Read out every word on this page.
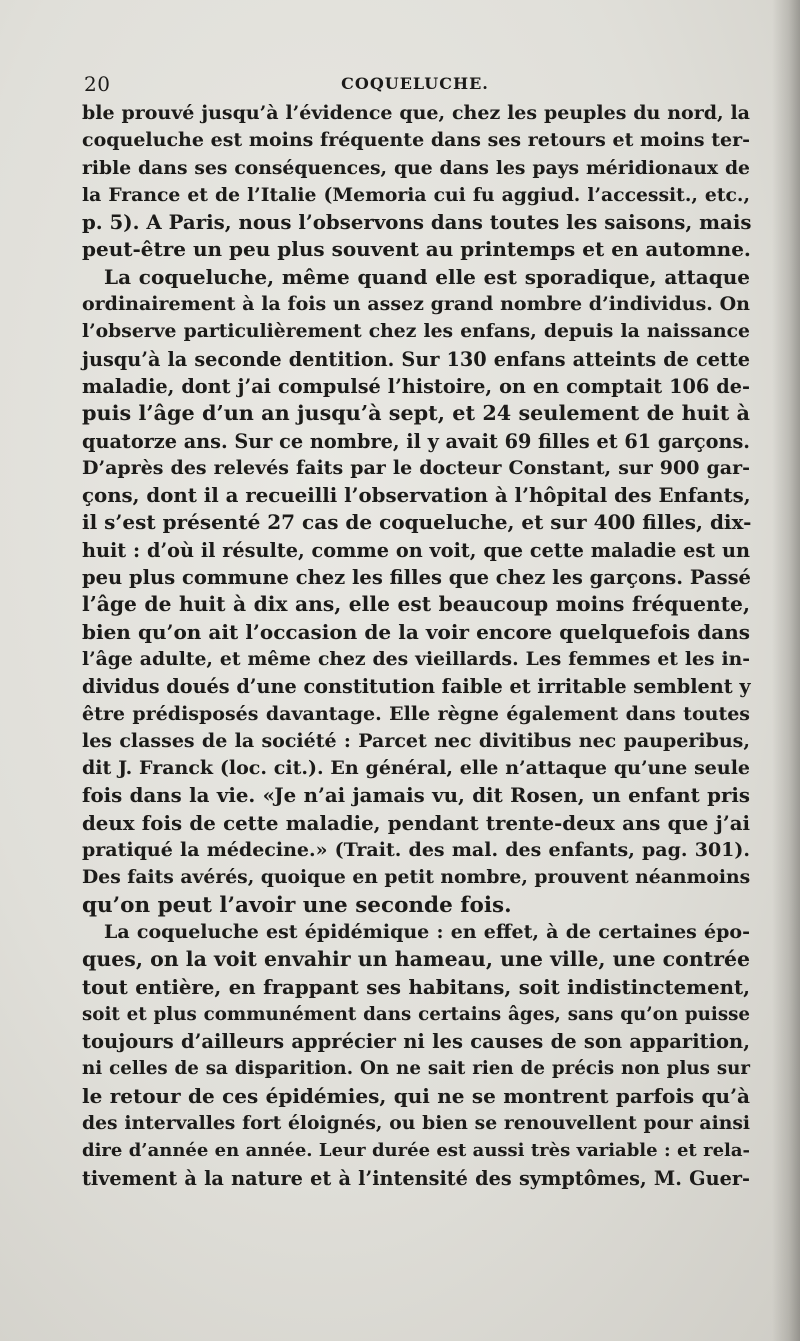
20	COQUELUCHE.
ble prouvé jusqu’à l’évidence que, chez les peuples du nord, la
coqueluche est moins fréquente dans ses retours et moins ter-
rible dans ses conséquences, que dans les pays méridionaux de
la France et de l’Italie (Memoria cui fu aggiud. l’accessit., etc.,
p. 5). A Paris, nous l’observons dans toutes les saisons, mais
peut-être un peu plus souvent au printemps et en automne.
La coqueluche, même quand elle est sporadique, attaque
ordinairement à la fois un assez grand nombre d’individus. On
l’observe particulièrement chez les enfans, depuis la naissance
jusqu’à la seconde dentition. Sur 130 enfans atteints de cette
maladie, dont j’ai compulsé l’histoire, on en comptait 106 de-
puis l’âge d’un an jusqu’à sept, et 24 seulement de huit à
quatorze ans. Sur ce nombre, il y avait 69 filles et 61 garçons.
D’après des relevés faits par le docteur Constant, sur 900 gar-
çons, dont il a recueilli l’observation à l’hôpital des Enfants,
il s’est présenté 27 cas de coqueluche, et sur 400 filles, dix-
huit : d’où il résulte, comme on voit, que cette maladie est un
peu plus commune chez les filles que chez les garçons. Passé
l’âge de huit à dix ans, elle est beaucoup moins fréquente,
bien qu’on ait l’occasion de la voir encore quelquefois dans
l’âge adulte, et même chez des vieillards. Les femmes et les in-
dividus doués d’une constitution faible et irritable semblent y
être prédisposés davantage. Elle règne également dans toutes
les classes de la société : Parcet nec divitibus nec pauperibus,
dit J. Franck (loc. cit.). En général, elle n’attaque qu’une seule
fois dans la vie. «Je n’ai jamais vu, dit Rosen, un enfant pris
deux fois de cette maladie, pendant trente-deux ans que j’ai
pratiqué la médecine.» (Trait. des mal. des enfants, pag. 301).
Des faits avérés, quoique en petit nombre, prouvent néanmoins
qu’on peut l’avoir une seconde fois.
La coqueluche est épidémique : en effet, à de certaines épo-
ques, on la voit envahir un hameau, une ville, une contrée
tout entière, en frappant ses habitans, soit indistinctement,
soit et plus communément dans certains âges, sans qu’on puisse
toujours d’ailleurs apprécier ni les causes de son apparition,
ni celles de sa disparition. On ne sait rien de précis non plus sur
le retour de ces épidémies, qui ne se montrent parfois qu’à
des intervalles fort éloignés, ou bien se renouvellent pour ainsi
dire d’année en année. Leur durée est aussi très variable : et rela-
tivement à la nature et à l’intensité des symptômes, M. Guer-
